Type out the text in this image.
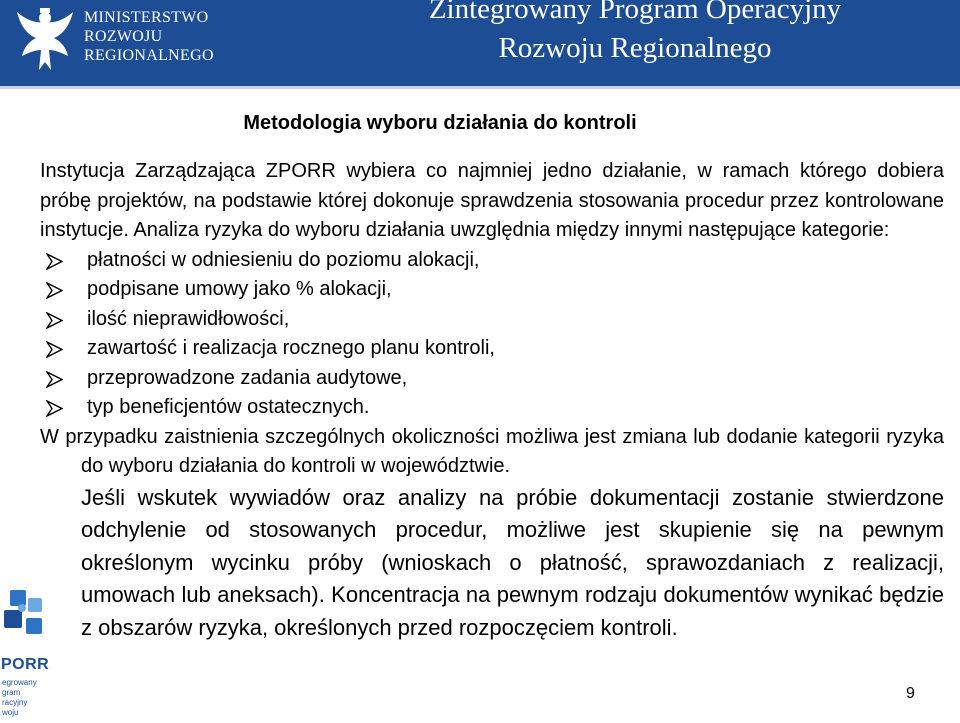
MINISTERSTWO
ROZWOJU
REGIONALNEGO
Zintegrowany Program Operacyjny
Rozwoju Regionalnego
Metodologia wyboru działania do kontroli

Instytucja Zarządzająca ZPORR wybiera co najmniej jedno działanie, w ramach którego dobiera próbę projektów, na podstawie której dokonuje sprawdzenia stosowania procedur przez kontrolowane instytucje. Analiza ryzyka do wyboru działania uwzględnia między innymi następujące kategorie:

płatności w odniesieniu do poziomu alokacji,
podpisane umowy jako % alokacji,
ilość nieprawidłowości,
zawartość i realizacja rocznego planu kontroli,
przeprowadzone zadania audytowe,
typ beneficjentów ostatecznych.

W przypadku zaistnienia szczególnych okoliczności możliwa jest zmiana lub dodanie kategorii ryzyka do wyboru działania do kontroli w województwie.

Jeśli wskutek wywiadów oraz analizy na próbie dokumentacji zostanie stwierdzone odchylenie od stosowanych procedur, możliwe jest skupienie się na pewnym określonym wycinku próby (wnioskach o płatność, sprawozdaniach z realizacji, umowach lub aneksach). Koncentracja na pewnym rodzaju dokumentów wynikać będzie z obszarów ryzyka, określonych przed rozpoczęciem kontroli.

PORR
egrowany
gram
racyjny
woju
9
